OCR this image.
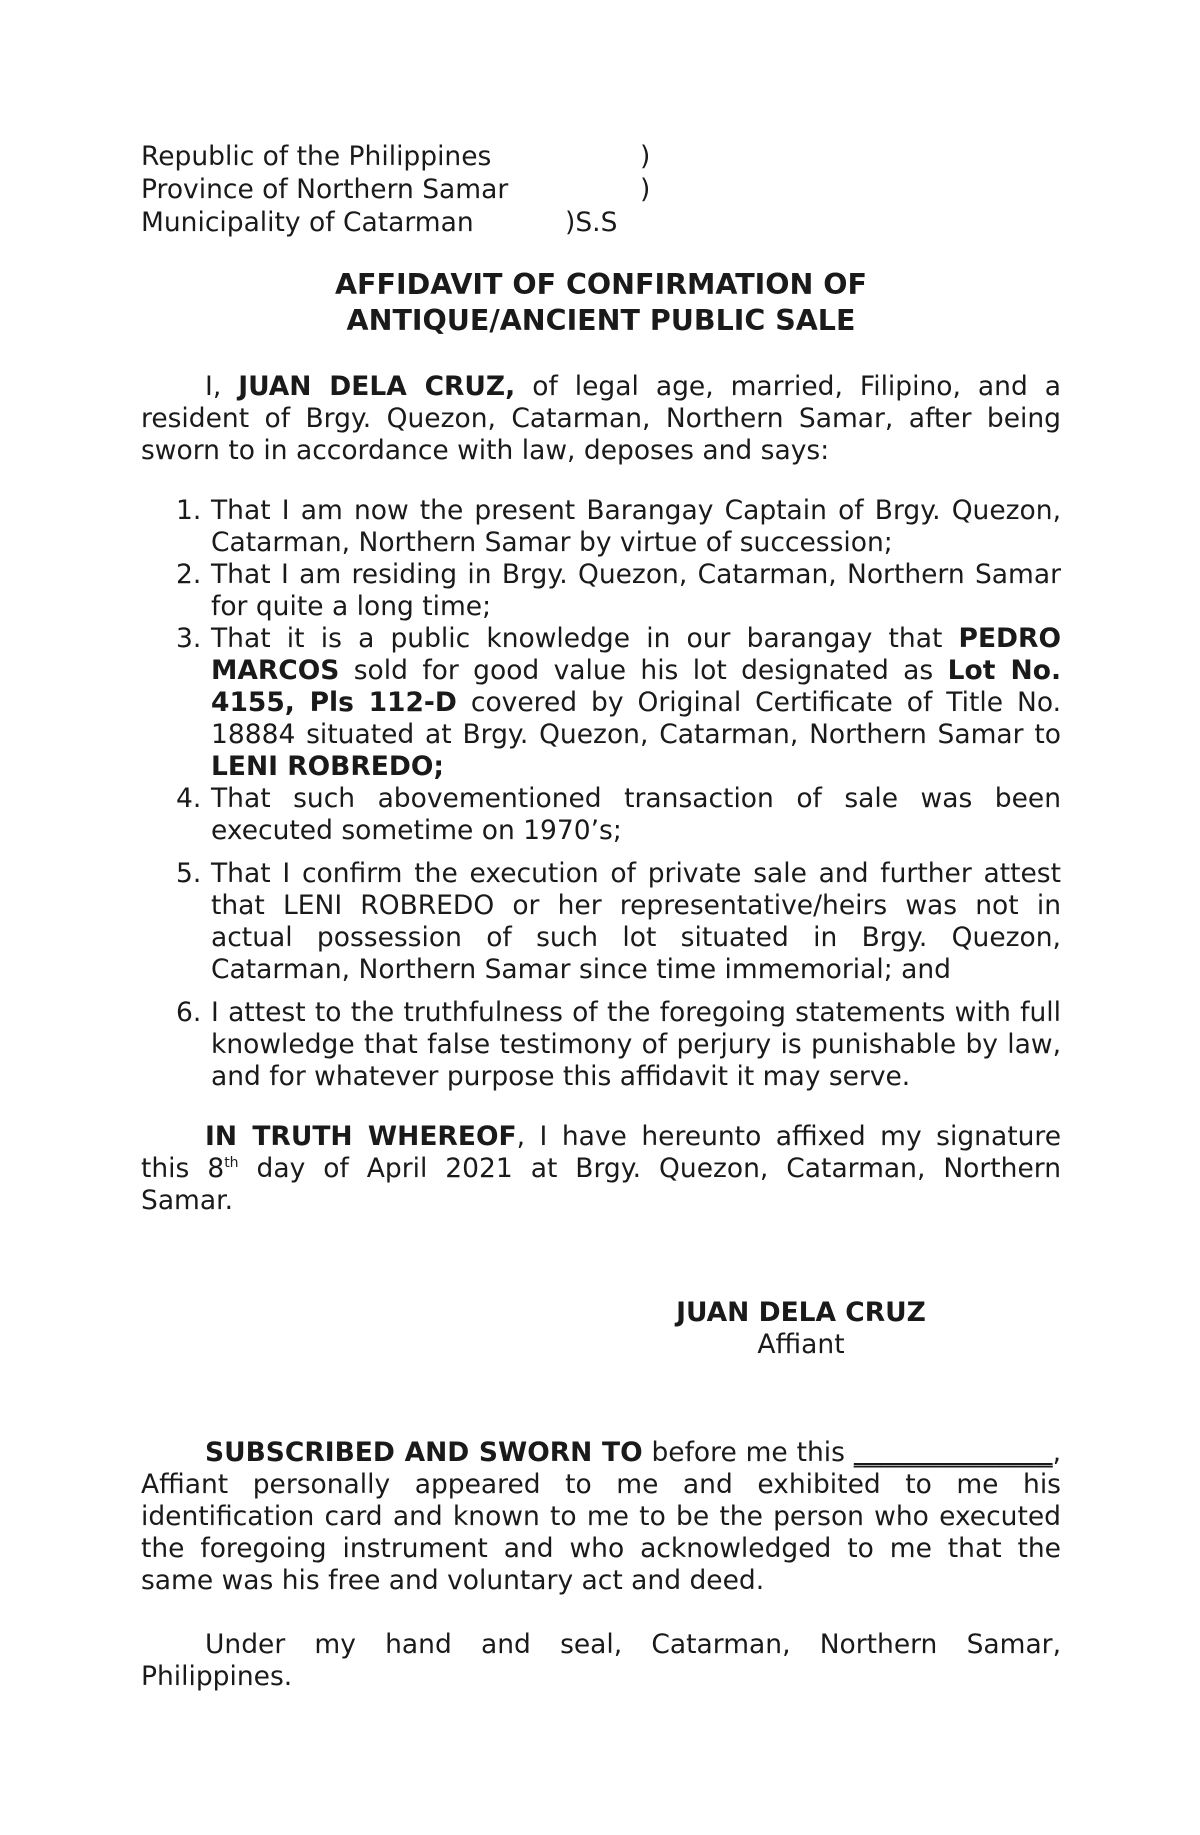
Republic of the Philippines	)
Province of Northern Samar	)
Municipality of Catarman	)S.S
AFFIDAVIT OF CONFIRMATION OF
ANTIQUE/ANCIENT PUBLIC SALE
I, JUAN DELA CRUZ, of legal age, married, Filipino, and a resident of Brgy. Quezon, Catarman, Northern Samar, after being sworn to in accordance with law, deposes and says:
1. That I am now the present Barangay Captain of Brgy. Quezon, Catarman, Northern Samar by virtue of succession;
2. That I am residing in Brgy. Quezon, Catarman, Northern Samar for quite a long time;
3. That it is a public knowledge in our barangay that PEDRO MARCOS sold for good value his lot designated as Lot No. 4155, Pls 112-D covered by Original Certificate of Title No. 18884 situated at Brgy. Quezon, Catarman, Northern Samar to LENI ROBREDO;
4. That such abovementioned transaction of sale was been executed sometime on 1970’s;
5. That I confirm the execution of private sale and further attest that LENI ROBREDO or her representative/heirs was not in actual possession of such lot situated in Brgy. Quezon, Catarman, Northern Samar since time immemorial; and
6. I attest to the truthfulness of the foregoing statements with full knowledge that false testimony of perjury is punishable by law, and for whatever purpose this affidavit it may serve.
IN TRUTH WHEREOF, I have hereunto affixed my signature this 8th day of April 2021 at Brgy. Quezon, Catarman, Northern Samar.
JUAN DELA CRUZ
Affiant
SUBSCRIBED AND SWORN TO before me this _______________, Affiant personally appeared to me and exhibited to me his identification card and known to me to be the person who executed the foregoing instrument and who acknowledged to me that the same was his free and voluntary act and deed.
Under my hand and seal, Catarman, Northern Samar, Philippines.
